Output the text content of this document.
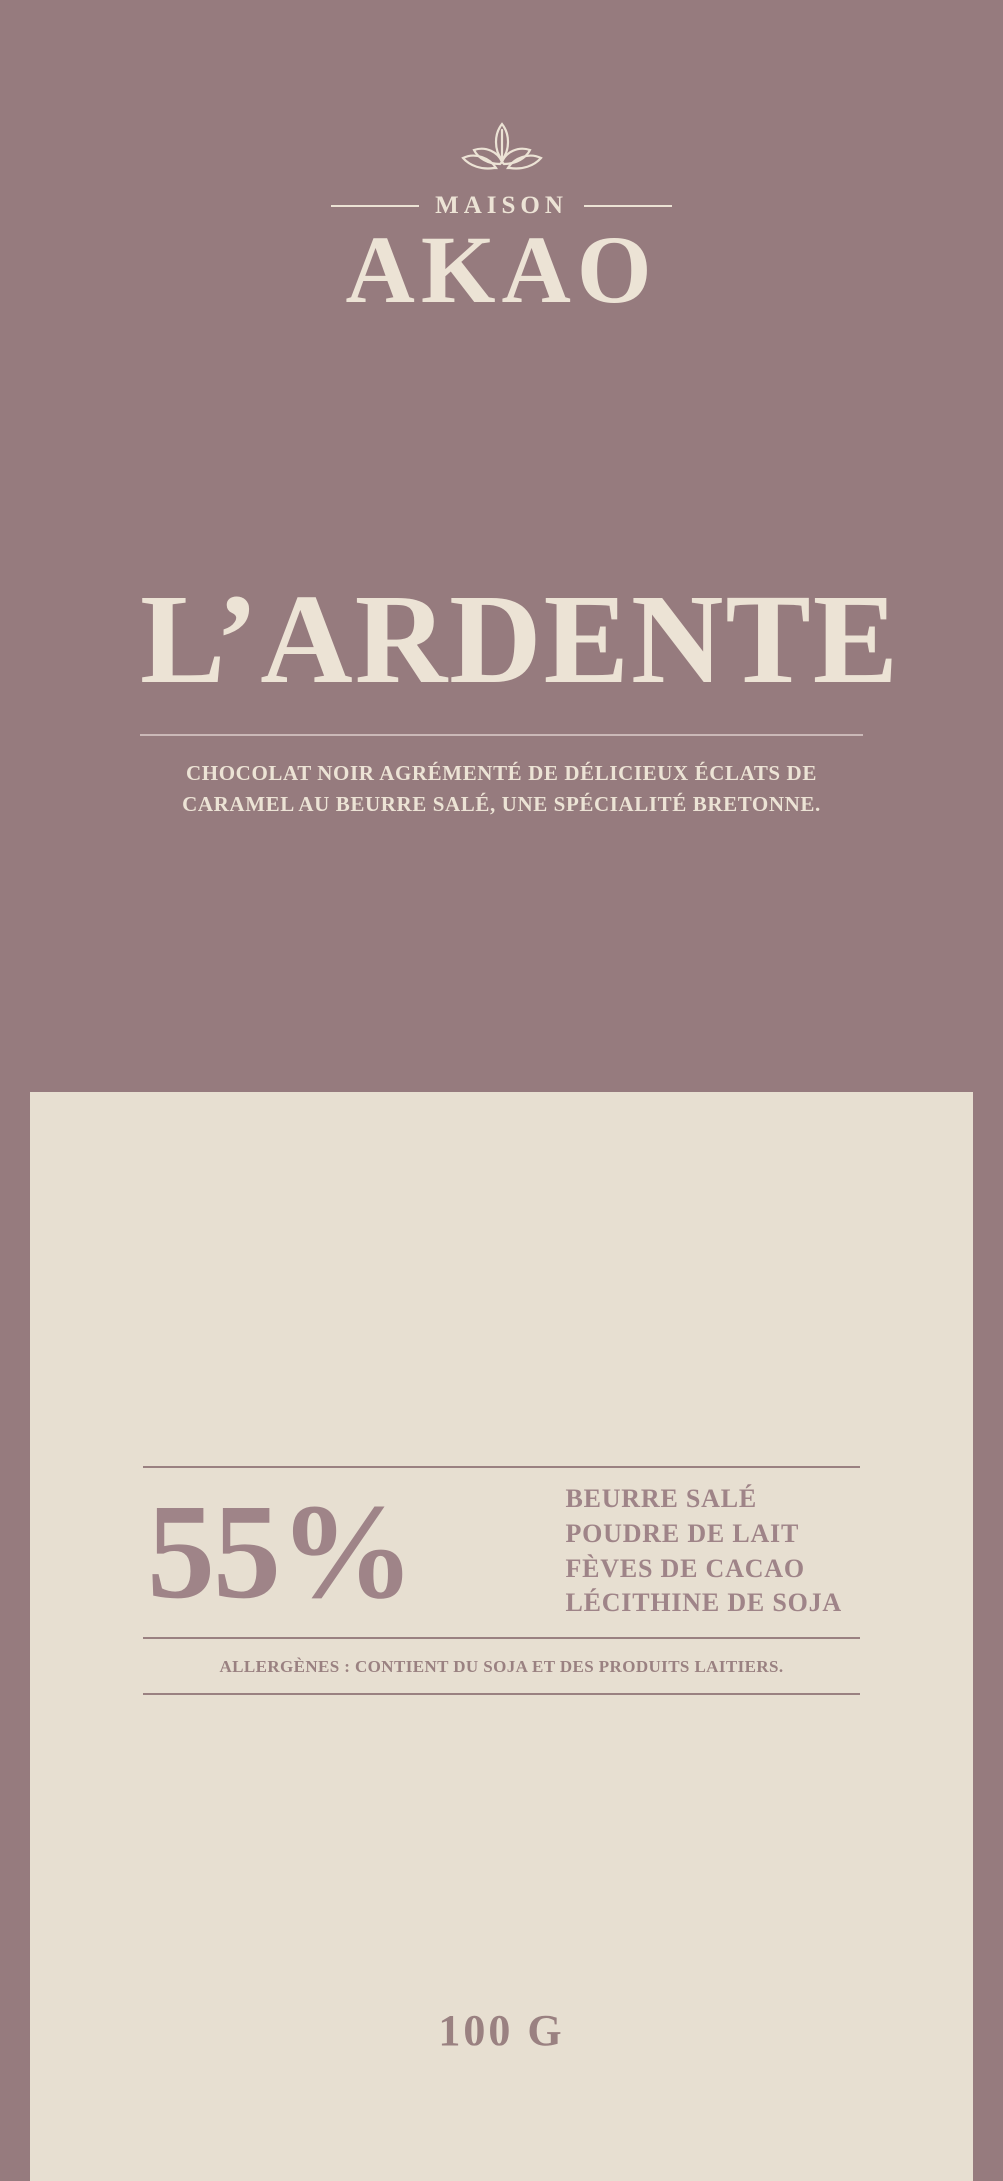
MAISON
AKAO
L’ARDENTE

CHOCOLAT NOIR AGRÉMENTÉ DE DÉLICIEUX ÉCLATS DE CARAMEL AU BEURRE SALÉ, UNE SPÉCIALITÉ BRETONNE.

55%	BEURRE SALÉ
POUDRE DE LAIT
FÈVES DE CACAO
LÉCITHINE DE SOJA
ALLERGÈNES : CONTIENT DU SOJA ET DES PRODUITS LAITIERS.
100 G
